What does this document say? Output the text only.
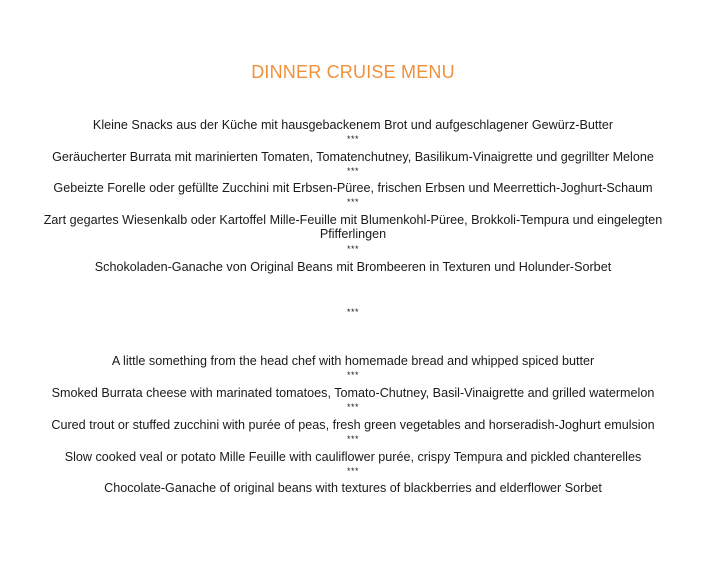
DINNER CRUISE MENU
Kleine Snacks aus der Küche mit hausgebackenem Brot und aufgeschlagener Gewürz-Butter
***
Geräucherter Burrata mit marinierten Tomaten, Tomatenchutney, Basilikum-Vinaigrette und gegrillter Melone
***
Gebeizte Forelle oder gefüllte Zucchini mit Erbsen-Püree, frischen Erbsen und Meerrettich-Joghurt-Schaum
***
Zart gegartes Wiesenkalb oder Kartoffel Mille-Feuille mit Blumenkohl-Püree, Brokkoli-Tempura und eingelegten Pfifferlingen
***
Schokoladen-Ganache von Original Beans mit Brombeeren in Texturen und Holunder-Sorbet
***
A little something from the head chef with homemade bread and whipped spiced butter
***
Smoked Burrata cheese with marinated tomatoes, Tomato-Chutney, Basil-Vinaigrette and grilled watermelon
***
Cured trout or stuffed zucchini with purée of peas, fresh green vegetables and horseradish-Joghurt emulsion
***
Slow cooked veal or potato Mille Feuille with cauliflower purée, crispy Tempura and pickled chanterelles
***
Chocolate-Ganache of original beans with textures of blackberries and elderflower Sorbet
